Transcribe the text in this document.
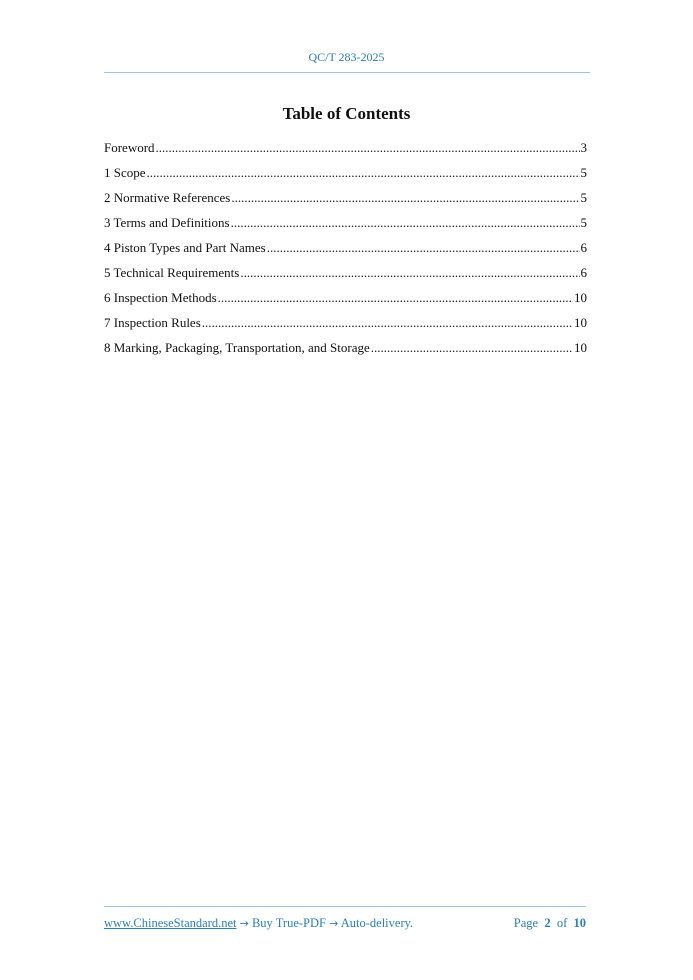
QC/T 283-2025
Table of Contents
Foreword .....	3
1 Scope .....	5
2 Normative References .....	5
3 Terms and Definitions .....	5
4 Piston Types and Part Names .....	6
5 Technical Requirements .....	6
6 Inspection Methods .....	10
7 Inspection Rules .....	10
8 Marking, Packaging, Transportation, and Storage .....	10
www.ChineseStandard.net → Buy True-PDF → Auto-delivery.	Page 2 of 10
